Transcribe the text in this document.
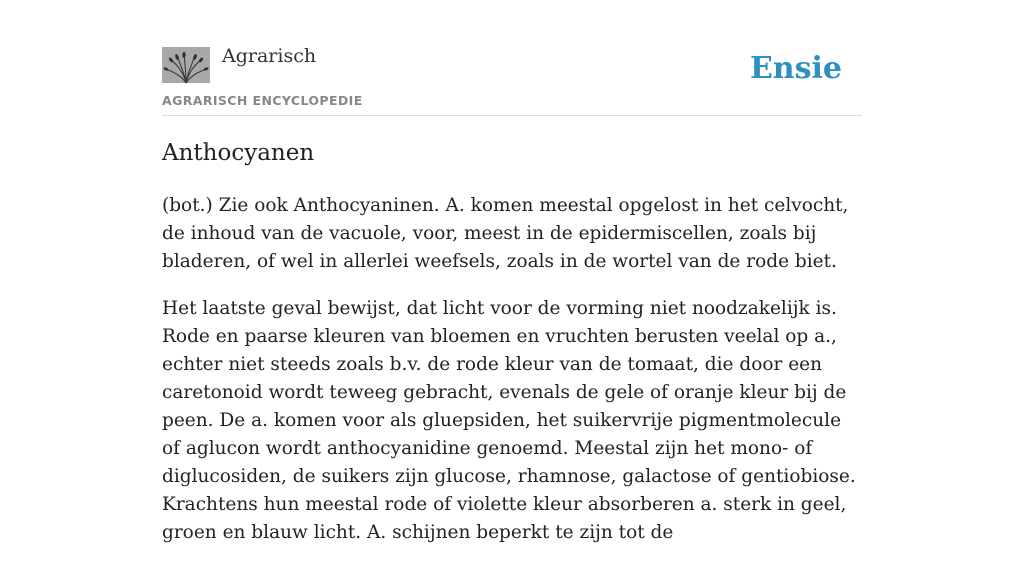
Agrarisch
AGRARISCH ENCYCLOPEDIE
Ensie
Anthocyanen

(bot.) Zie ook Anthocyaninen. A. komen meestal opgelost in het celvocht, de inhoud van de vacuole, voor, meest in de epidermiscellen, zoals bij bladeren, of wel in allerlei weefsels, zoals in de wortel van de rode biet.

Het laatste geval bewijst, dat licht voor de vorming niet noodzakelijk is. Rode en paarse kleuren van bloemen en vruchten berusten veelal op a., echter niet steeds zoals b.v. de rode kleur van de tomaat, die door een caretonoid wordt teweeg gebracht, evenals de gele of oranje kleur bij de peen. De a. komen voor als gluepsiden, het suikervrije pigmentmolecule of aglucon wordt anthocyanidine genoemd. Meestal zijn het mono- of diglucosiden, de suikers zijn glucose, rhamnose, galactose of gentiobiose. Krachtens hun meestal rode of violette kleur absorberen a. sterk in geel, groen en blauw licht. A. schijnen beperkt te zijn tot de
